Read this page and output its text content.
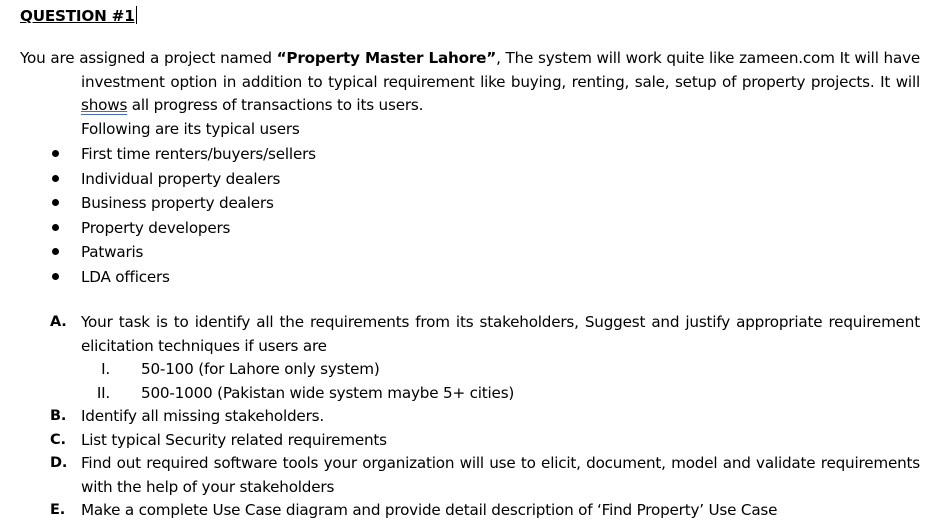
QUESTION #1
You are assigned a project named “Property Master Lahore”, The system will work quite like zameen.com It will have
investment option in addition to typical requirement like buying, renting, sale, setup of property projects. It will
shows all progress of transactions to its users.
Following are its typical users
First time renters/buyers/sellers
Individual property dealers
Business property dealers
Property developers
Patwaris
LDA officers
A. Your task is to identify all the requirements from its stakeholders, Suggest and justify appropriate requirement
elicitation techniques if users are
I. 50-100 (for Lahore only system)
II. 500-1000 (Pakistan wide system maybe 5+ cities)
B. Identify all missing stakeholders.
C. List typical Security related requirements
D. Find out required software tools your organization will use to elicit, document, model and validate requirements
with the help of your stakeholders
E. Make a complete Use Case diagram and provide detail description of ‘Find Property’ Use Case
